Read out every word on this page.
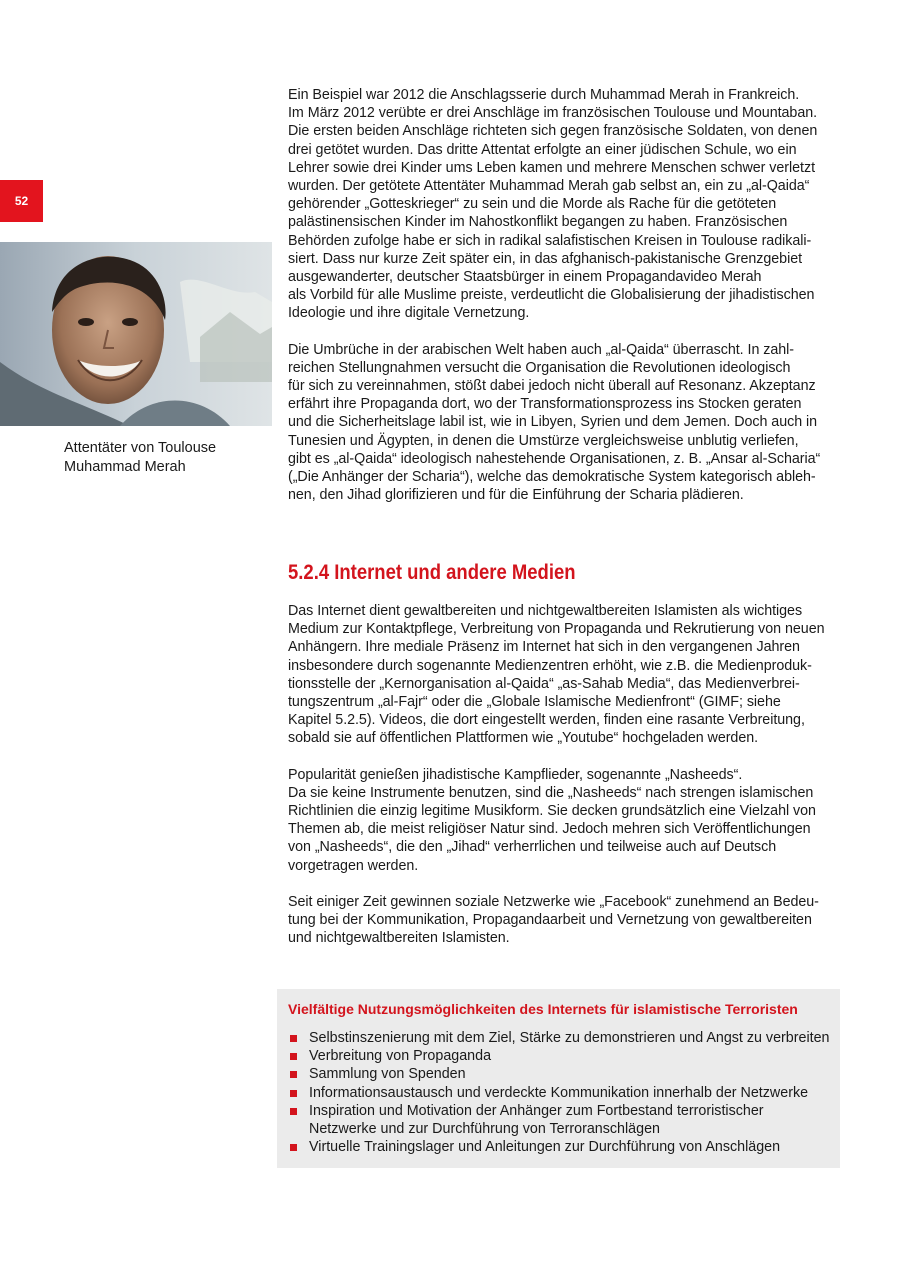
52
Attentäter von Toulouse
Muhammad Merah

Ein Beispiel war 2012 die Anschlagsserie durch Muhammad Merah in Frankreich.
Im März 2012 verübte er drei Anschläge im französischen Toulouse und Mountaban.
Die ersten beiden Anschläge richteten sich gegen französische Soldaten, von denen
drei getötet wurden. Das dritte Attentat erfolgte an einer jüdischen Schule, wo ein
Lehrer sowie drei Kinder ums Leben kamen und mehrere Menschen schwer verletzt
wurden. Der getötete Attentäter Muhammad Merah gab selbst an, ein zu „al-Qaida“
gehörender „Gotteskrieger“ zu sein und die Morde als Rache für die getöteten
palästinensischen Kinder im Nahostkonflikt begangen zu haben. Französischen
Behörden zufolge habe er sich in radikal salafistischen Kreisen in Toulouse radikali-
siert. Dass nur kurze Zeit später ein, in das afghanisch-pakistanische Grenzgebiet
ausgewanderter, deutscher Staatsbürger in einem Propagandavideo Merah
als Vorbild für alle Muslime preiste, verdeutlicht die Globalisierung der jihadistischen
Ideologie und ihre digitale Vernetzung.

Die Umbrüche in der arabischen Welt haben auch „al-Qaida“ überrascht. In zahl-
reichen Stellungnahmen versucht die Organisation die Revolutionen ideologisch
für sich zu vereinnahmen, stößt dabei jedoch nicht überall auf Resonanz. Akzeptanz
erfährt ihre Propaganda dort, wo der Transformationsprozess ins Stocken geraten
und die Sicherheitslage labil ist, wie in Libyen, Syrien und dem Jemen. Doch auch in
Tunesien und Ägypten, in denen die Umstürze vergleichsweise unblutig verliefen,
gibt es „al-Qaida“ ideologisch nahestehende Organisationen, z. B. „Ansar al-Scharia“
(„Die Anhänger der Scharia“), welche das demokratische System kategorisch ableh-
nen, den Jihad glorifizieren und für die Einführung der Scharia plädieren.

5.2.4 Internet und andere Medien

Das Internet dient gewaltbereiten und nichtgewaltbereiten Islamisten als wichtiges
Medium zur Kontaktpflege, Verbreitung von Propaganda und Rekrutierung von neuen
Anhängern. Ihre mediale Präsenz im Internet hat sich in den vergangenen Jahren
insbesondere durch sogenannte Medienzentren erhöht, wie z.B. die Medienproduk-
tionsstelle der „Kernorganisation al-Qaida“ „as-Sahab Media“, das Medienverbrei-
tungszentrum „al-Fajr“ oder die „Globale Islamische Medienfront“ (GIMF; siehe
Kapitel 5.2.5). Videos, die dort eingestellt werden, finden eine rasante Verbreitung,
sobald sie auf öffentlichen Plattformen wie „Youtube“ hochgeladen werden.

Popularität genießen jihadistische Kampflieder, sogenannte „Nasheeds“.
Da sie keine Instrumente benutzen, sind die „Nasheeds“ nach strengen islamischen
Richtlinien die einzig legitime Musikform. Sie decken grundsätzlich eine Vielzahl von
Themen ab, die meist religiöser Natur sind. Jedoch mehren sich Veröffentlichungen
von „Nasheeds“, die den „Jihad“ verherrlichen und teilweise auch auf Deutsch
vorgetragen werden.

Seit einiger Zeit gewinnen soziale Netzwerke wie „Facebook“ zunehmend an Bedeu-
tung bei der Kommunikation, Propagandaarbeit und Vernetzung von gewaltbereiten
und nichtgewaltbereiten Islamisten.

Vielfältige Nutzungsmöglichkeiten des Internets für islamistische Terroristen
Selbstinszenierung mit dem Ziel, Stärke zu demonstrieren und Angst zu verbreiten
Verbreitung von Propaganda
Sammlung von Spenden
Informationsaustausch und verdeckte Kommunikation innerhalb der Netzwerke
Inspiration und Motivation der Anhänger zum Fortbestand terroristischer
Netzwerke und zur Durchführung von Terroranschlägen
Virtuelle Trainingslager und Anleitungen zur Durchführung von Anschlägen
